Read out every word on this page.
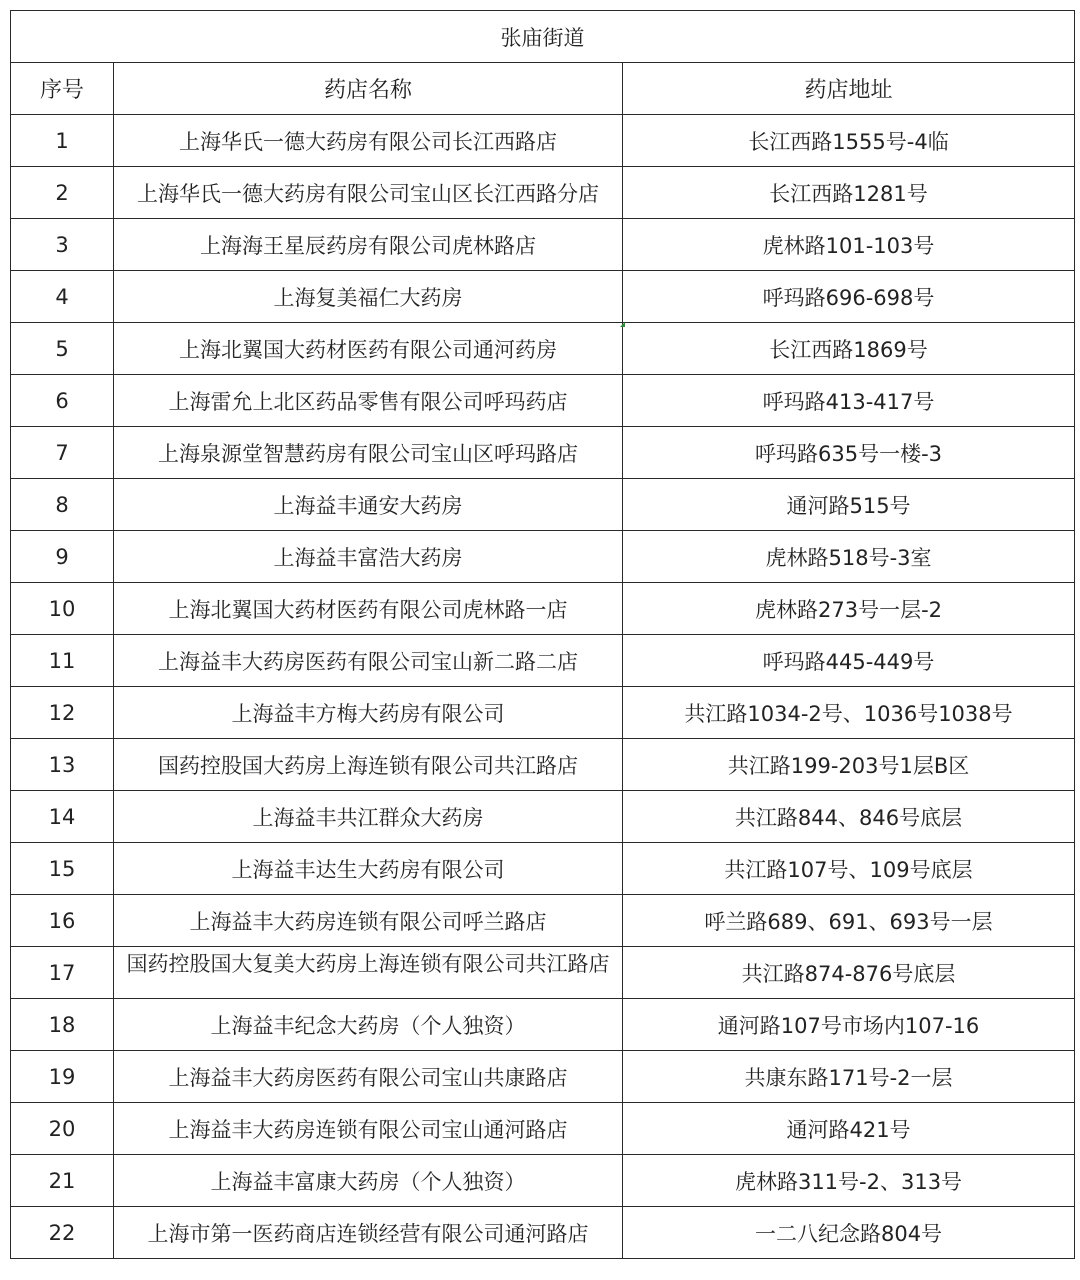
张庙街道		
序号	药店名称	药店地址
1	上海华氏一德大药房有限公司长江西路店	长江西路1555号-4临
2	上海华氏一德大药房有限公司宝山区长江西路分店	长江西路1281号
3	上海海王星辰药房有限公司虎林路店	虎林路101-103号
4	上海复美福仁大药房	呼玛路696-698号
5	上海北翼国大药材医药有限公司通河药房	长江西路1869号
6	上海雷允上北区药品零售有限公司呼玛药店	呼玛路413-417号
7	上海泉源堂智慧药房有限公司宝山区呼玛路店	呼玛路635号一楼-3
8	上海益丰通安大药房	通河路515号
9	上海益丰富浩大药房	虎林路518号-3室
10	上海北翼国大药材医药有限公司虎林路一店	虎林路273号一层-2
11	上海益丰大药房医药有限公司宝山新二路二店	呼玛路445-449号
12	上海益丰方梅大药房有限公司	共江路1034-2号、1036号1038号
13	国药控股国大药房上海连锁有限公司共江路店	共江路199-203号1层B区
14	上海益丰共江群众大药房	共江路844、846号底层
15	上海益丰达生大药房有限公司	共江路107号、109号底层
16	上海益丰大药房连锁有限公司呼兰路店	呼兰路689、691、693号一层
17	国药控股国大复美大药房上海连锁有限公司共江路店	共江路874-876号底层
18	上海益丰纪念大药房（个人独资）	通河路107号市场内107-16
19	上海益丰大药房医药有限公司宝山共康路店	共康东路171号-2一层
20	上海益丰大药房连锁有限公司宝山通河路店	通河路421号
21	上海益丰富康大药房（个人独资）	虎林路311号-2、313号
22	上海市第一医药商店连锁经营有限公司通河路店	一二八纪念路804号
